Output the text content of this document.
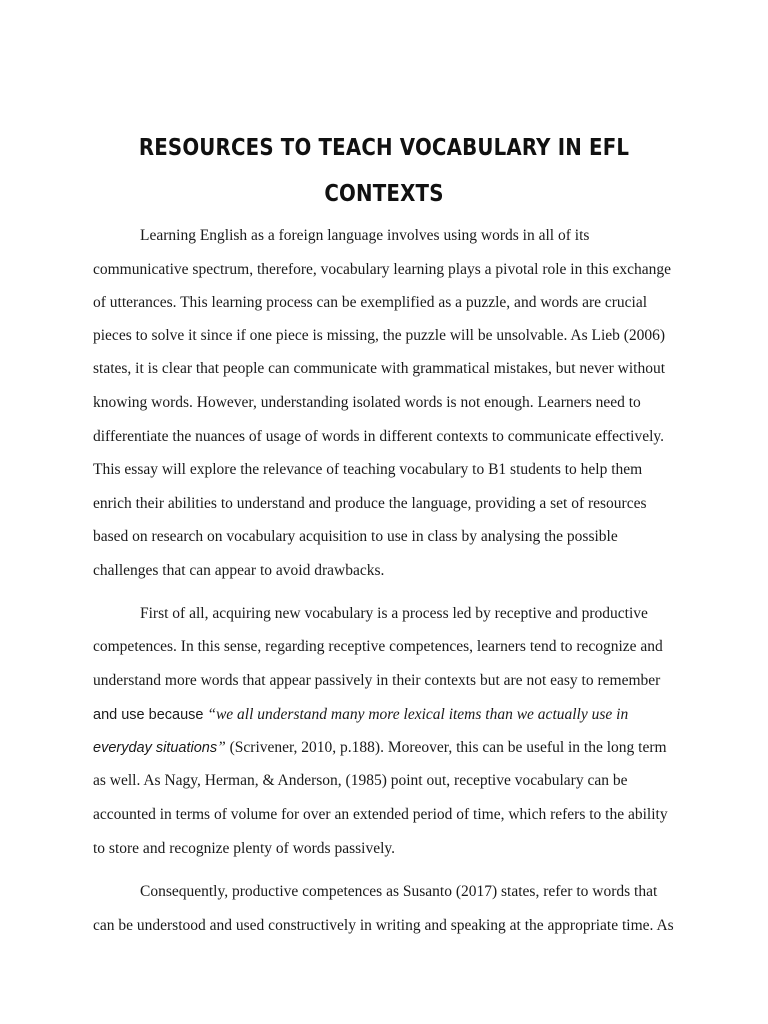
RESOURCES TO TEACH VOCABULARY IN EFL
CONTEXTS
Learning English as a foreign language involves using words in all of its
communicative spectrum, therefore, vocabulary learning plays a pivotal role in this exchange
of utterances. This learning process can be exemplified as a puzzle, and words are crucial
pieces to solve it since if one piece is missing, the puzzle will be unsolvable. As Lieb (2006)
states, it is clear that people can communicate with grammatical mistakes, but never without
knowing words. However, understanding isolated words is not enough. Learners need to
differentiate the nuances of usage of words in different contexts to communicate effectively.
This essay will explore the relevance of teaching vocabulary to B1 students to help them
enrich their abilities to understand and produce the language, providing a set of resources
based on research on vocabulary acquisition to use in class by analysing the possible
challenges that can appear to avoid drawbacks.
First of all, acquiring new vocabulary is a process led by receptive and productive
competences. In this sense, regarding receptive competences, learners tend to recognize and
understand more words that appear passively in their contexts but are not easy to remember
and use because “we all understand many more lexical items than we actually use in
everyday situations” (Scrivener, 2010, p.188). Moreover, this can be useful in the long term
as well. As Nagy, Herman, & Anderson, (1985) point out, receptive vocabulary can be
accounted in terms of volume for over an extended period of time, which refers to the ability
to store and recognize plenty of words passively.
Consequently, productive competences as Susanto (2017) states, refer to words that
can be understood and used constructively in writing and speaking at the appropriate time. As
